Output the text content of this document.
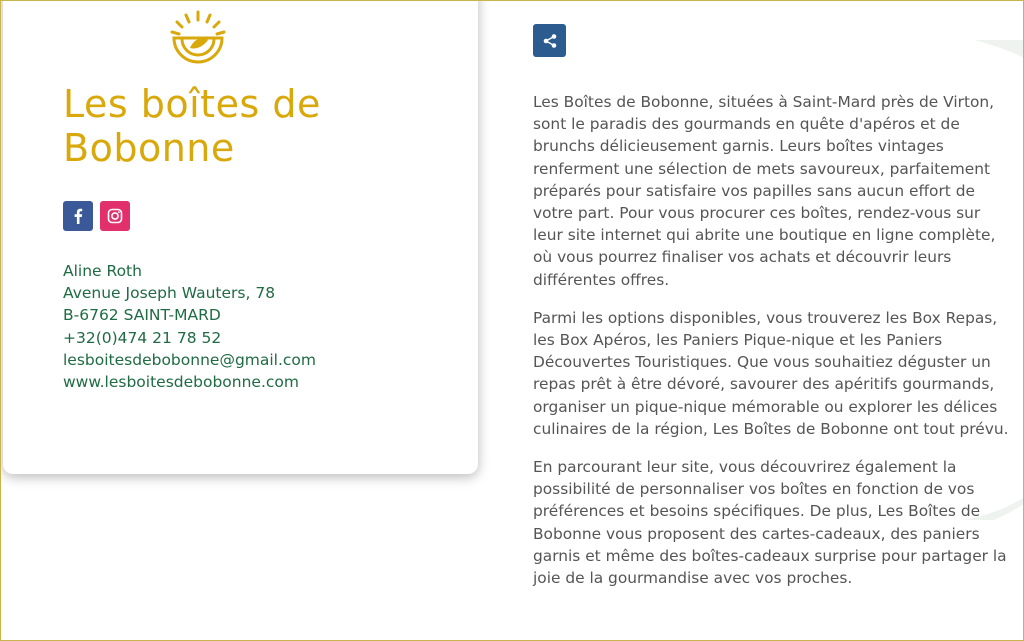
Les boîtes de Bobonne
Aline Roth
Avenue Joseph Wauters, 78
B-6762 SAINT-MARD
+32(0)474 21 78 52
lesboitesdebobonne@gmail.com
www.lesboitesdebobonne.com

Les Boîtes de Bobonne, situées à Saint-Mard près de Virton, sont le paradis des gourmands en quête d'apéros et de brunchs délicieusement garnis. Leurs boîtes vintages renferment une sélection de mets savoureux, parfaitement préparés pour satisfaire vos papilles sans aucun effort de votre part. Pour vous procurer ces boîtes, rendez-vous sur leur site internet qui abrite une boutique en ligne complète, où vous pourrez finaliser vos achats et découvrir leurs différentes offres.

Parmi les options disponibles, vous trouverez les Box Repas, les Box Apéros, les Paniers Pique-nique et les Paniers Découvertes Touristiques. Que vous souhaitiez déguster un repas prêt à être dévoré, savourer des apéritifs gourmands, organiser un pique-nique mémorable ou explorer les délices culinaires de la région, Les Boîtes de Bobonne ont tout prévu.

En parcourant leur site, vous découvrirez également la possibilité de personnaliser vos boîtes en fonction de vos préférences et besoins spécifiques. De plus, Les Boîtes de Bobonne vous proposent des cartes-cadeaux, des paniers garnis et même des boîtes-cadeaux surprise pour partager la joie de la gourmandise avec vos proches.
